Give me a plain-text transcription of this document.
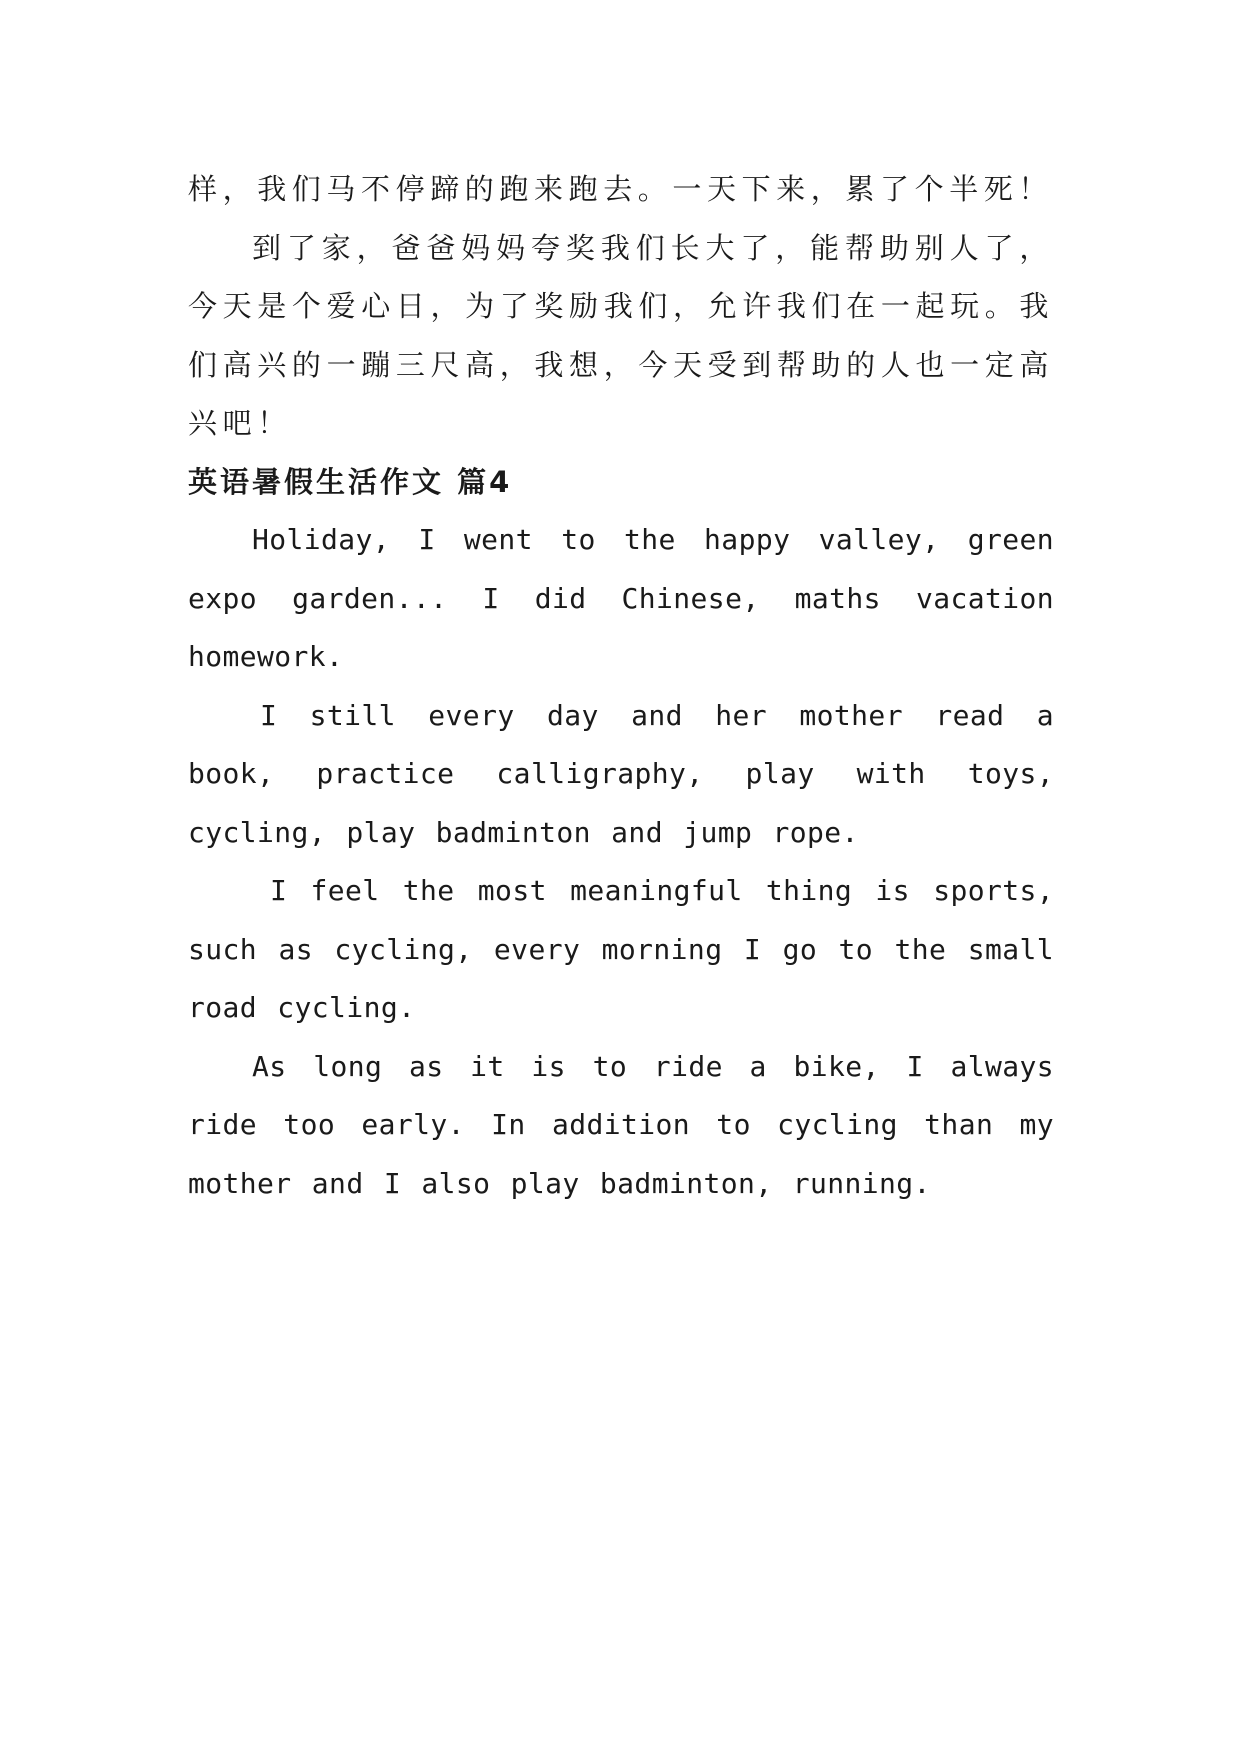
样，我们马不停蹄的跑来跑去。一天下来，累了个半死！

到了家，爸爸妈妈夸奖我们长大了，能帮助别人了，今天是个爱心日，为了奖励我们，允许我们在一起玩。我们高兴的一蹦三尺高，我想，今天受到帮助的人也一定高兴吧！

英语暑假生活作文 篇4

Holiday, I went to the happy valley, green expo garden... I did Chinese, maths vacation homework.

I still every day and her mother read a book, practice calligraphy, play with toys, cycling, play badminton and jump rope.

I feel the most meaningful thing is sports, such as cycling, every morning I go to the small road cycling.

As long as it is to ride a bike, I always ride too early. In addition to cycling than my mother and I also play badminton, running.
